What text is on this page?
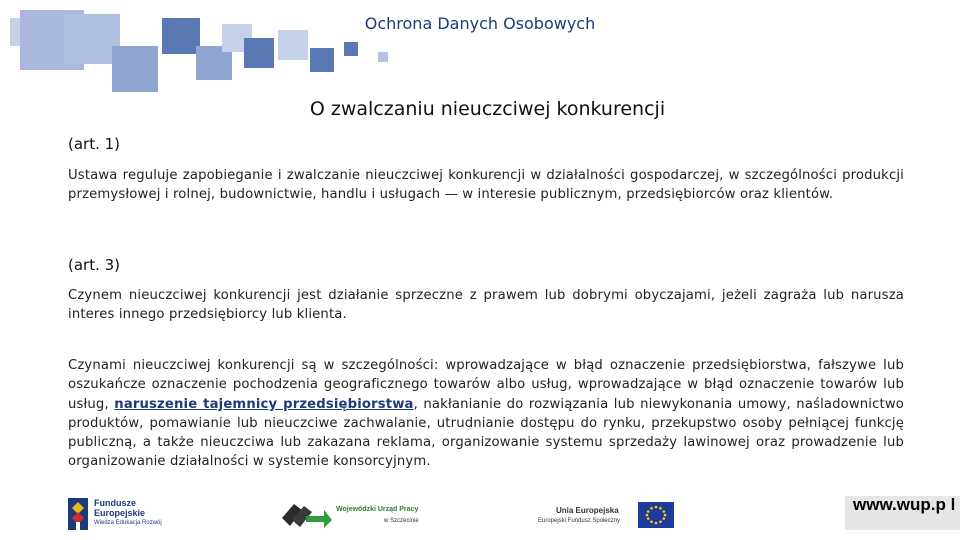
Ochrona Danych Osobowych
O zwalczaniu nieuczciwej konkurencji
(art. 1)
Ustawa reguluje zapobieganie i zwalczanie nieuczciwej konkurencji w działalności gospodarczej, w szczególności produkcji przemysłowej i rolnej, budownictwie, handlu i usługach — w interesie publicznym, przedsiębiorców oraz klientów.
(art. 3)
Czynem nieuczciwej konkurencji jest działanie sprzeczne z prawem lub dobrymi obyczajami, jeżeli zagraża lub narusza interes innego przedsiębiorcy lub klienta.
Czynami nieuczciwej konkurencji są w szczególności: wprowadzające w błąd oznaczenie przedsiębiorstwa, fałszywe lub oszukańcze oznaczenie pochodzenia geograficznego towarów albo usług, wprowadzające w błąd oznaczenie towarów lub usług, naruszenie tajemnicy przedsiębiorstwa, nakłanianie do rozwiązania lub niewykonania umowy, naśladownictwo produktów, pomawianie lub nieuczciwe zachwalanie, utrudnianie dostępu do rynku, przekupstwo osoby pełniącej funkcję publiczną, a także nieuczciwa lub zakazana reklama, organizowanie systemu sprzedaży lawinowej oraz prowadzenie lub organizowanie działalności w systemie konsorcyjnym.
Fundusze
Europejskie
Wiedza Edukacja Rozwój
Wojewódzki Urząd Pracy
w Szczecinie
Unia Europejska
Europejski Fundusz Społeczny
www.wup.p l
